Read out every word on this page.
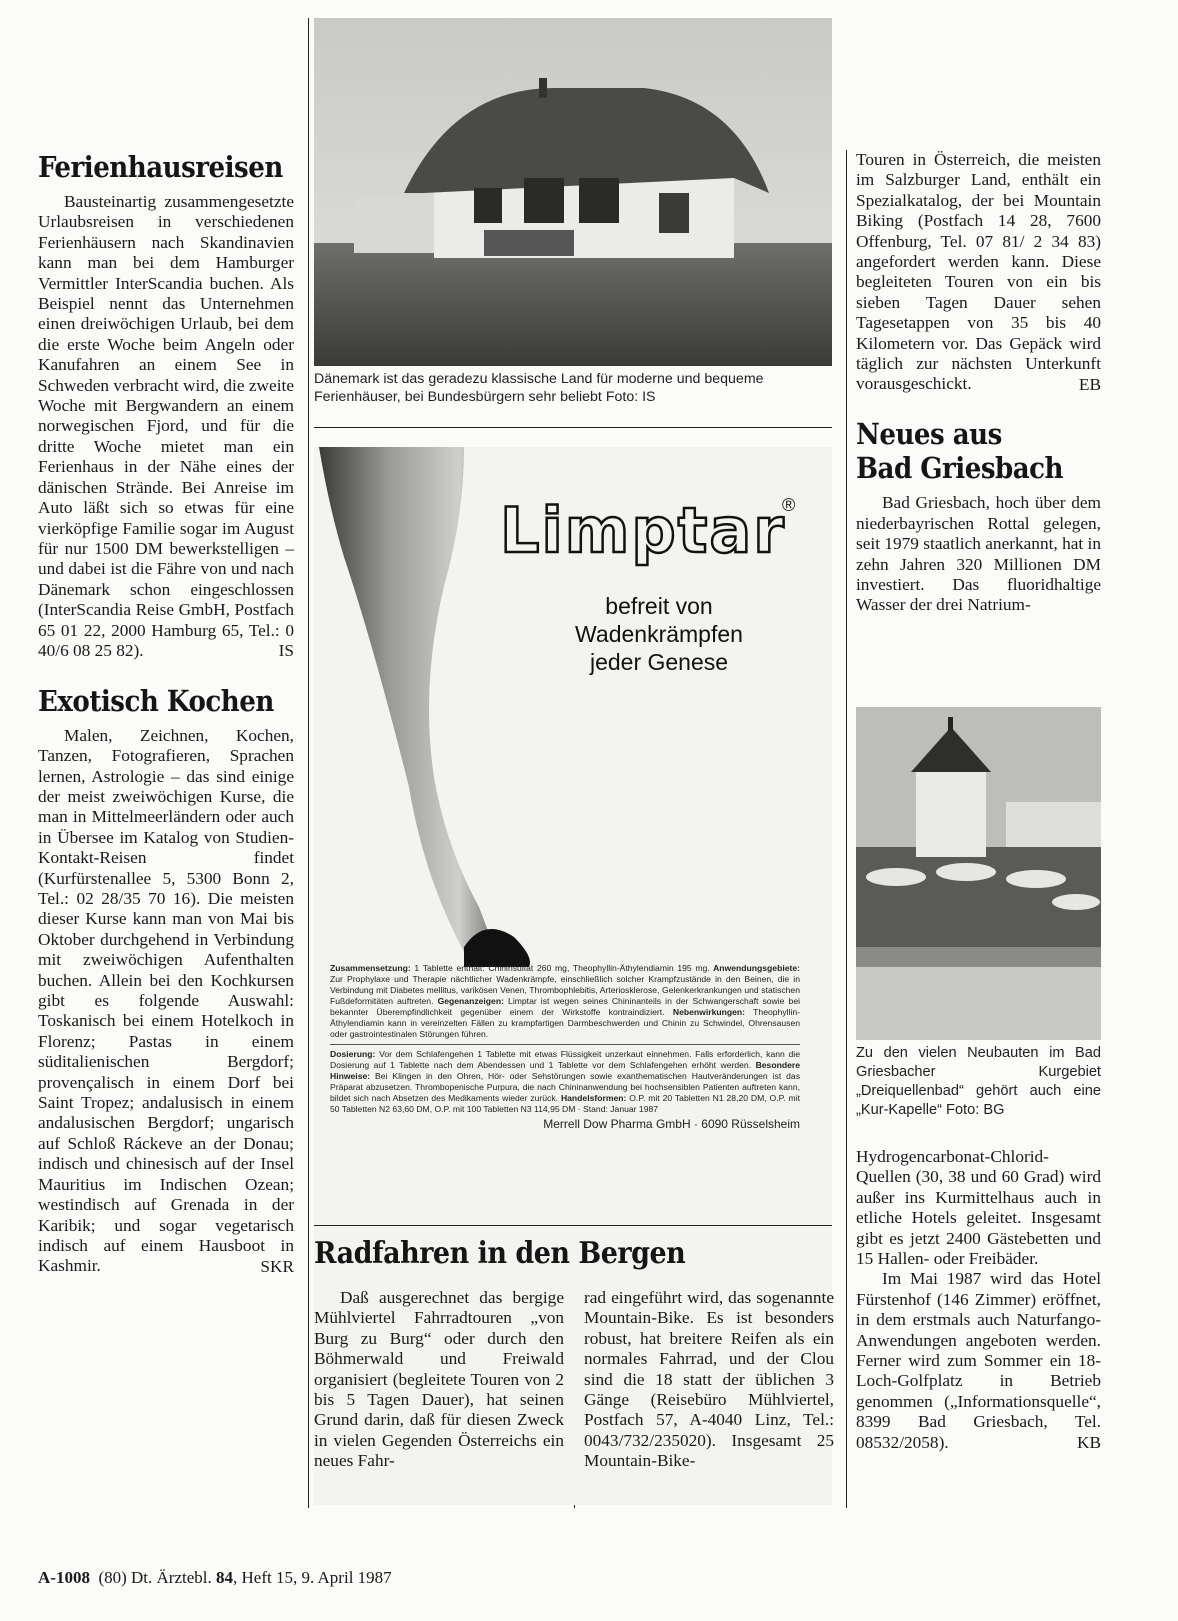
Ferienhausreisen

Bausteinartig zusammengesetzte Urlaubsreisen in verschiedenen Ferienhäusern nach Skandinavien kann man bei dem Hamburger Vermittler InterScandia buchen. Als Beispiel nennt das Unternehmen einen dreiwöchigen Urlaub, bei dem die erste Woche beim Angeln oder Kanufahren an einem See in Schweden verbracht wird, die zweite Woche mit Bergwandern an einem norwegischen Fjord, und für die dritte Woche mietet man ein Ferienhaus in der Nähe eines der dänischen Strände. Bei Anreise im Auto läßt sich so etwas für eine vierköpfige Familie sogar im August für nur 1500 DM bewerkstelligen – und dabei ist die Fähre von und nach Dänemark schon eingeschlossen (InterScandia Reise GmbH, Postfach 65 01 22, 2000 Hamburg 65, Tel.: 0 40/6 08 25 82).	IS
Exotisch Kochen

Malen, Zeichnen, Kochen, Tanzen, Fotografieren, Sprachen lernen, Astrologie – das sind einige der meist zweiwöchigen Kurse, die man in Mittelmeerländern oder auch in Übersee im Katalog von Studien-Kontakt-Reisen findet (Kurfürstenallee 5, 5300 Bonn 2, Tel.: 02 28/35 70 16). Die meisten dieser Kurse kann man von Mai bis Oktober durchgehend in Verbindung mit zweiwöchigen Aufenthalten buchen. Allein bei den Kochkursen gibt es folgende Auswahl: Toskanisch bei einem Hotelkoch in Florenz; Pastas in einem süditalienischen Bergdorf; provençalisch in einem Dorf bei Saint Tropez; andalusisch in einem andalusischen Bergdorf; ungarisch auf Schloß Ráckeve an der Donau; indisch und chinesisch auf der Insel Mauritius im Indischen Ozean; westindisch auf Grenada in der Karibik; und sogar vegetarisch indisch auf einem Hausboot in Kashmir.	SKR
Dänemark ist das geradezu klassische Land für moderne und bequeme Ferienhäuser, bei Bundesbürgern sehr beliebt Foto: IS
Limptar
®
befreit von
Wadenkrämpfen
jeder Genese
Zusammensetzung: 1 Tablette enthält: Chininsulfat 260 mg, Theophyllin-Äthylendiamin 195 mg. Anwendungsgebiete: Zur Prophylaxe und Therapie nächtlicher Wadenkrämpfe, einschließlich solcher Krampfzustände in den Beinen, die in Verbindung mit Diabetes mellitus, varikösen Venen, Thrombophlebitis, Arteriosklerose, Gelenkerkrankungen und statischen Fußdeformitäten auftreten. Gegenanzeigen: Limptar ist wegen seines Chininanteils in der Schwangerschaft sowie bei bekannter Überempfindlichkeit gegenüber einem der Wirkstoffe kontraindiziert. Nebenwirkungen: Theophyllin-Äthylendiamin kann in vereinzelten Fällen zu krampfartigen Darmbeschwerden und Chinin zu Schwindel, Ohrensausen oder gastrointestinalen Störungen führen.
Dosierung: Vor dem Schlafengehen 1 Tablette mit etwas Flüssigkeit unzerkaut einnehmen. Falls erforderlich, kann die Dosierung auf 1 Tablette nach dem Abendessen und 1 Tablette vor dem Schlafengehen erhöht werden. Besondere Hinweise: Bei Klingen in den Ohren, Hör- oder Sehstörungen sowie exanthematischen Hautveränderungen ist das Präparat abzusetzen. Thrombopenische Purpura, die nach Chininanwendung bei hochsensiblen Patienten auftreten kann, bildet sich nach Absetzen des Medikaments wieder zurück. Handelsformen: O.P. mit 20 Tabletten N1 28,20 DM, O.P. mit 50 Tabletten N2 63,60 DM, O.P. mit 100 Tabletten N3 114,95 DM · Stand: Januar 1987
Merrell Dow Pharma GmbH · 6090 Rüsselsheim
Radfahren in den Bergen

Daß ausgerechnet das bergige Mühlviertel Fahrradtouren „von Burg zu Burg“ oder durch den Böhmerwald und Freiwald organisiert (begleitete Touren von 2 bis 5 Tagen Dauer), hat seinen Grund darin, daß für diesen Zweck in vielen Gegenden Österreichs ein neues Fahr-

rad eingeführt wird, das sogenannte Mountain-Bike. Es ist besonders robust, hat breitere Reifen als ein normales Fahrrad, und der Clou sind die 18 statt der üblichen 3 Gänge (Reisebüro Mühlviertel, Postfach 57, A-4040 Linz, Tel.: 0043/732/235020). Insgesamt 25 Mountain-Bike-

Touren in Österreich, die meisten im Salzburger Land, enthält ein Spezialkatalog, der bei Mountain Biking (Postfach 14 28, 7600 Offenburg, Tel. 07 81/ 2 34 83) angefordert werden kann. Diese begleiteten Touren von ein bis sieben Tagen Dauer sehen Tagesetappen von 35 bis 40 Kilometern vor. Das Gepäck wird täglich zur nächsten Unterkunft vorausgeschickt.	EB
Neues aus
Bad Griesbach

Bad Griesbach, hoch über dem niederbayrischen Rottal gelegen, seit 1979 staatlich anerkannt, hat in zehn Jahren 320 Millionen DM investiert. Das fluoridhaltige Wasser der drei Natrium-

Zu den vielen Neubauten im Bad Griesbacher Kurgebiet „Dreiquellenbad“ gehört auch eine „Kur-Kapelle“ Foto: BG

Hydrogencarbonat-Chlorid-Quellen (30, 38 und 60 Grad) wird außer ins Kurmittelhaus auch in etliche Hotels geleitet. Insgesamt gibt es jetzt 2400 Gästebetten und 15 Hallen- oder Freibäder.

Im Mai 1987 wird das Hotel Fürstenhof (146 Zimmer) eröffnet, in dem erstmals auch Naturfango-Anwendungen angeboten werden. Ferner wird zum Sommer ein 18-Loch-Golfplatz in Betrieb genommen („Informationsquelle“, 8399 Bad Griesbach, Tel. 08532/2058).	KB
A-1008 (80) Dt. Ärztebl. 84, Heft 15, 9. April 1987
